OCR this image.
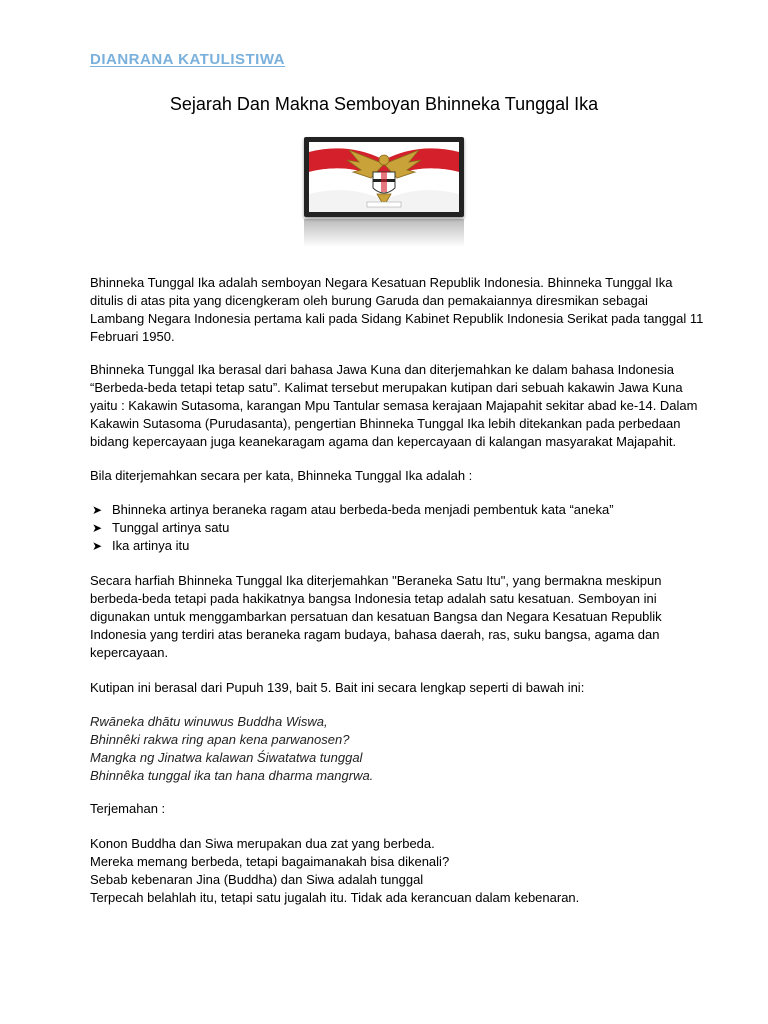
DIANRANA KATULISTIWA
Sejarah Dan Makna Semboyan Bhinneka Tunggal Ika
Bhinneka Tunggal Ika adalah semboyan Negara Kesatuan Republik Indonesia. Bhinneka Tunggal Ika
ditulis di atas pita yang dicengkeram oleh burung Garuda dan pemakaiannya diresmikan sebagai
Lambang Negara Indonesia pertama kali pada Sidang Kabinet Republik Indonesia Serikat pada tanggal 11
Februari 1950.
Bhinneka Tunggal Ika berasal dari bahasa Jawa Kuna dan diterjemahkan ke dalam bahasa Indonesia
“Berbeda-beda tetapi tetap satu”. Kalimat tersebut merupakan kutipan dari sebuah kakawin Jawa Kuna
yaitu : Kakawin Sutasoma, karangan Mpu Tantular semasa kerajaan Majapahit sekitar abad ke-14. Dalam
Kakawin Sutasoma (Purudasanta), pengertian Bhinneka Tunggal Ika lebih ditekankan pada perbedaan
bidang kepercayaan juga keanekaragam agama dan kepercayaan di kalangan masyarakat Majapahit.
Bila diterjemahkan secara per kata, Bhinneka Tunggal Ika adalah :
➤ Bhinneka artinya beraneka ragam atau berbeda-beda menjadi pembentuk kata “aneka”
➤ Tunggal artinya satu
➤ Ika artinya itu
Secara harfiah Bhinneka Tunggal Ika diterjemahkan "Beraneka Satu Itu", yang bermakna meskipun
berbeda-beda tetapi pada hakikatnya bangsa Indonesia tetap adalah satu kesatuan. Semboyan ini
digunakan untuk menggambarkan persatuan dan kesatuan Bangsa dan Negara Kesatuan Republik
Indonesia yang terdiri atas beraneka ragam budaya, bahasa daerah, ras, suku bangsa, agama dan
kepercayaan.
Kutipan ini berasal dari Pupuh 139, bait 5. Bait ini secara lengkap seperti di bawah ini:
Rwāneka dhātu winuwus Buddha Wiswa,
Bhinnêki rakwa ring apan kena parwanosen?
Mangka ng Jinatwa kalawan Śiwatatwa tunggal
Bhinnêka tunggal ika tan hana dharma mangrwa.
Terjemahan :
Konon Buddha dan Siwa merupakan dua zat yang berbeda.
Mereka memang berbeda, tetapi bagaimanakah bisa dikenali?
Sebab kebenaran Jina (Buddha) dan Siwa adalah tunggal
Terpecah belahlah itu, tetapi satu jugalah itu. Tidak ada kerancuan dalam kebenaran.
